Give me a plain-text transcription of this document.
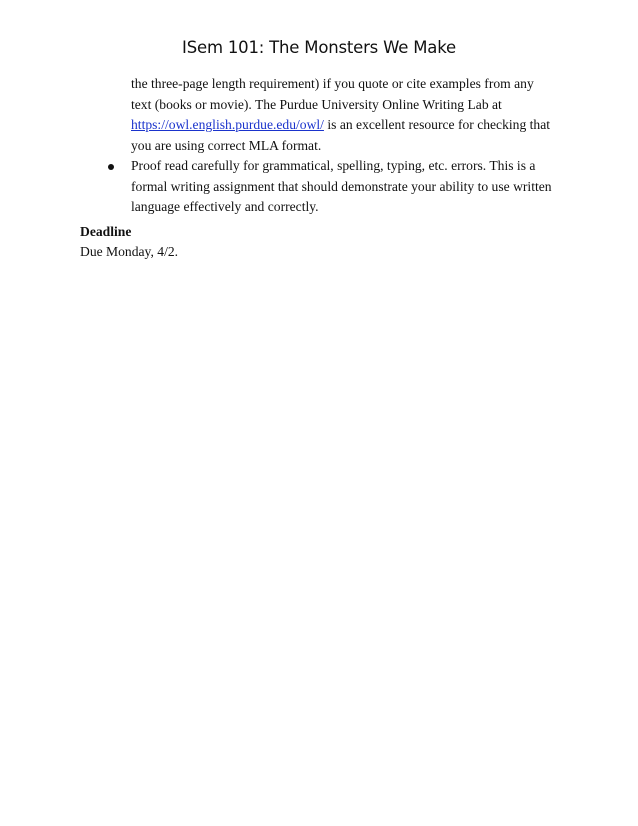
ISem 101: The Monsters We Make
the three-page length requirement) if you quote or cite examples from any text (books or movie). The Purdue University Online Writing Lab at https://owl.english.purdue.edu/owl/ is an excellent resource for checking that you are using correct MLA format.
Proof read carefully for grammatical, spelling, typing, etc. errors. This is a formal writing assignment that should demonstrate your ability to use written language effectively and correctly.
Deadline
Due Monday, 4/2.
